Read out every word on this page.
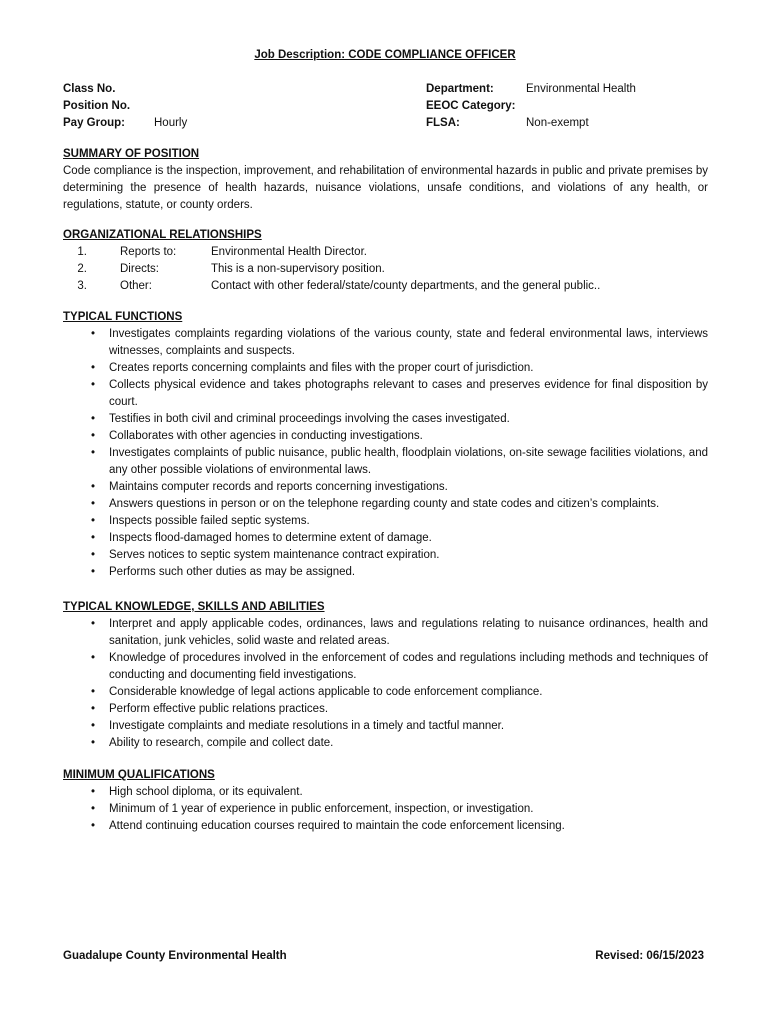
Job Description: CODE COMPLIANCE OFFICER
Class No.
Position No.
Pay Group:	Hourly
Department:	Environmental Health
EEOC Category:
FLSA:	Non-exempt
SUMMARY OF POSITION
Code compliance is the inspection, improvement, and rehabilitation of environmental hazards in public and private premises by determining the presence of health hazards, nuisance violations, unsafe conditions, and violations of any health, or regulations, statute, or county orders.
ORGANIZATIONAL RELATIONSHIPS
1.	Reports to:	Environmental Health Director.
2.	Directs:	This is a non-supervisory position.
3.	Other:	Contact with other federal/state/county departments, and the general public..
TYPICAL FUNCTIONS
•	Investigates complaints regarding violations of the various county, state and federal environmental laws, interviews witnesses, complaints and suspects.
•	Creates reports concerning complaints and files with the proper court of jurisdiction.
•	Collects physical evidence and takes photographs relevant to cases and preserves evidence for final disposition by court.
•	Testifies in both civil and criminal proceedings involving the cases investigated.
•	Collaborates with other agencies in conducting investigations.
•	Investigates complaints of public nuisance, public health, floodplain violations, on-site sewage facilities violations, and any other possible violations of environmental laws.
•	Maintains computer records and reports concerning investigations.
•	Answers questions in person or on the telephone regarding county and state codes and citizen’s complaints.
•	Inspects possible failed septic systems.
•	Inspects flood-damaged homes to determine extent of damage.
•	Serves notices to septic system maintenance contract expiration.
•	Performs such other duties as may be assigned.
TYPICAL KNOWLEDGE, SKILLS AND ABILITIES
•	Interpret and apply applicable codes, ordinances, laws and regulations relating to nuisance ordinances, health and sanitation, junk vehicles, solid waste and related areas.
•	Knowledge of procedures involved in the enforcement of codes and regulations including methods and techniques of conducting and documenting field investigations.
•	Considerable knowledge of legal actions applicable to code enforcement compliance.
•	Perform effective public relations practices.
•	Investigate complaints and mediate resolutions in a timely and tactful manner.
•	Ability to research, compile and collect date.
MINIMUM QUALIFICATIONS
•	High school diploma, or its equivalent.
•	Minimum of 1 year of experience in public enforcement, inspection, or investigation.
•	Attend continuing education courses required to maintain the code enforcement licensing.
Guadalupe County Environmental Health	Revised: 06/15/2023
